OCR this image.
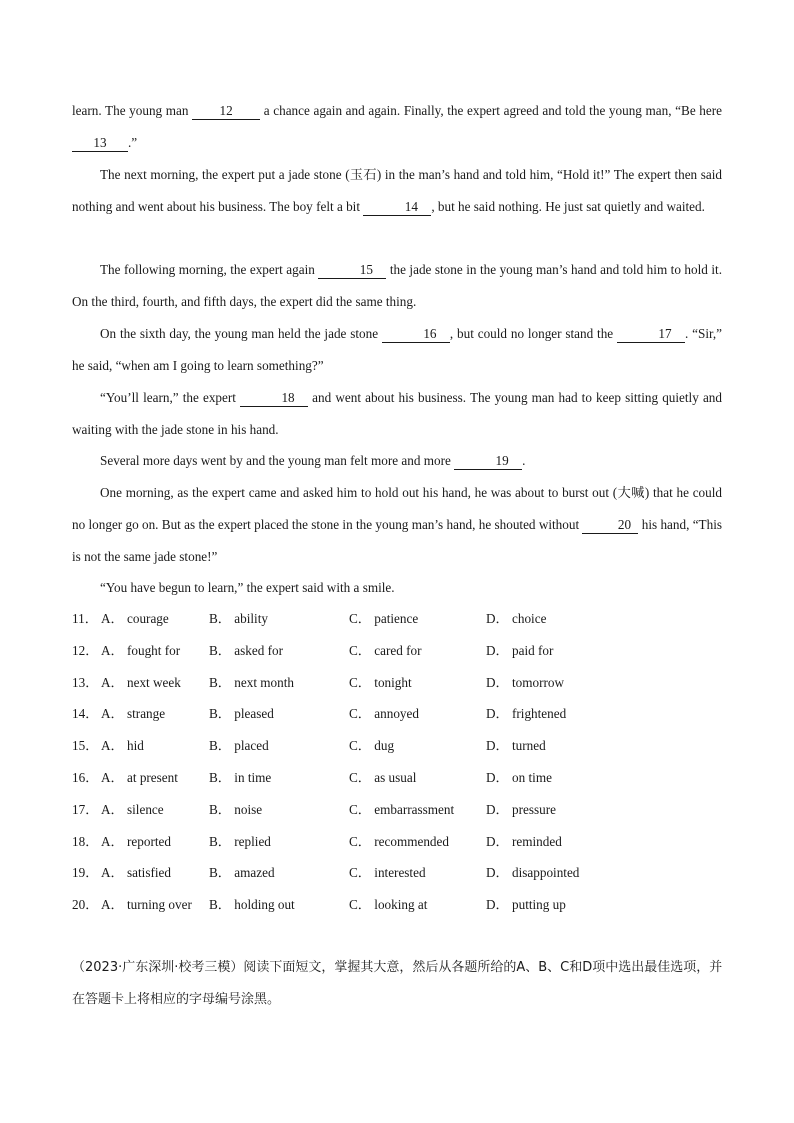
learn. The young man 12 a chance again and again. Finally, the expert agreed and told the young man, “Be here 13 .”

The next morning, the expert put a jade stone (玉石) in the man’s hand and told him, “Hold it!” The expert then said nothing and went about his business. The boy felt a bit	14 , but he said nothing. He just sat quietly and waited.

The following morning, the expert again	15 the jade stone in the young man’s hand and told him to hold it. On the third, fourth, and fifth days, the expert did the same thing.

On the sixth day, the young man held the jade stone	16 , but could no longer stand the	17 . “Sir,” he said, “when am I going to learn something?”

“You’ll learn,” the expert	18 and went about his business. The young man had to keep sitting quietly and waiting with the jade stone in his hand.

Several more days went by and the young man felt more and more	19 .

One morning, as the expert came and asked him to hold out his hand, he was about to burst out (大喊) that he could no longer go on. But as the expert placed the stone in the young man’s hand, he shouted without	20 his hand, “This is not the same jade stone!”

“You have begun to learn,” the expert said with a smile.

11． A． courage	B． ability	C． patience	D． choice
12． A． fought for B． asked for	C． cared for	D． paid for
13． A． next week B． next month	C． tonight	D． tomorrow
14． A． strange	B． pleased	C． annoyed	D． frightened
15． A． hid	B． placed	C． dug	D． turned
16． A． at present B． in time	C． as usual	D． on time
17． A． silence	B． noise	C． embarrassment D． pressure
18． A． reported	B． replied	C． recommended	D． reminded
19． A． satisfied	B． amazed	C． interested	D． disappointed
20． A． turning over B． holding out	C． looking at	D． putting up

（2023·广东深圳·校考三模）阅读下面短文，掌握其大意，然后从各题所给的A、B、C和D项中选出最佳选项，并在答题卡上将相应的字母编号涂黑。
